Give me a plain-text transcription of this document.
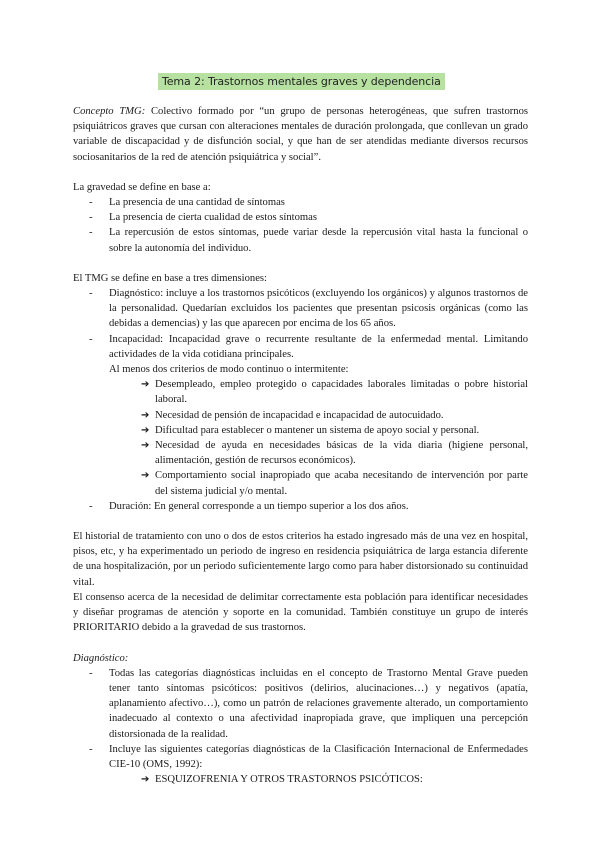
Tema 2: Trastornos mentales graves y dependencia

Concepto TMG: Colectivo formado por “un grupo de personas heterogéneas, que sufren trastornos psiquiátricos graves que cursan con alteraciones mentales de duración prolongada, que conllevan un grado variable de discapacidad y de disfunción social, y que han de ser atendidas mediante diversos recursos sociosanitarios de la red de atención psiquiátrica y social”.

La gravedad se define en base a:

- La presencia de una cantidad de síntomas
- La presencia de cierta cualidad de estos síntomas
- La repercusión de estos síntomas, puede variar desde la repercusión vital hasta la funcional o sobre la autonomía del individuo.

El TMG se define en base a tres dimensiones:

- Diagnóstico: incluye a los trastornos psicóticos (excluyendo los orgánicos) y algunos trastornos de la personalidad. Quedarían excluidos los pacientes que presentan psicosis orgánicas (como las debidas a demencias) y las que aparecen por encima de los 65 años.
- Incapacidad: Incapacidad grave o recurrente resultante de la enfermedad mental. Limitando actividades de la vida cotidiana principales.

Al menos dos criterios de modo continuo o intermitente:

➔ Desempleado, empleo protegido o capacidades laborales limitadas o pobre historial laboral.
➔ Necesidad de pensión de incapacidad e incapacidad de autocuidado.
➔ Dificultad para establecer o mantener un sistema de apoyo social y personal.
➔ Necesidad de ayuda en necesidades básicas de la vida diaria (higiene personal, alimentación, gestión de recursos económicos).
➔ Comportamiento social inapropiado que acaba necesitando de intervención por parte del sistema judicial y/o mental.
- Duración: En general corresponde a un tiempo superior a los dos años.

El historial de tratamiento con uno o dos de estos criterios ha estado ingresado más de una vez en hospital, pisos, etc, y ha experimentado un periodo de ingreso en residencia psiquiátrica de larga estancia diferente de una hospitalización, por un periodo suficientemente largo como para haber distorsionado su continuidad vital.

El consenso acerca de la necesidad de delimitar correctamente esta población para identificar necesidades y diseñar programas de atención y soporte en la comunidad. También constituye un grupo de interés PRIORITARIO debido a la gravedad de sus trastornos.

Diagnóstico:

- Todas las categorías diagnósticas incluidas en el concepto de Trastorno Mental Grave pueden tener tanto síntomas psicóticos: positivos (delirios, alucinaciones…) y negativos (apatía, aplanamiento afectivo…), como un patrón de relaciones gravemente alterado, un comportamiento inadecuado al contexto o una afectividad inapropiada grave, que impliquen una percepción distorsionada de la realidad.
- Incluye las siguientes categorías diagnósticas de la Clasificación Internacional de Enfermedades CIE-10 (OMS, 1992):
➔ ESQUIZOFRENIA Y OTROS TRASTORNOS PSICÓTICOS:
